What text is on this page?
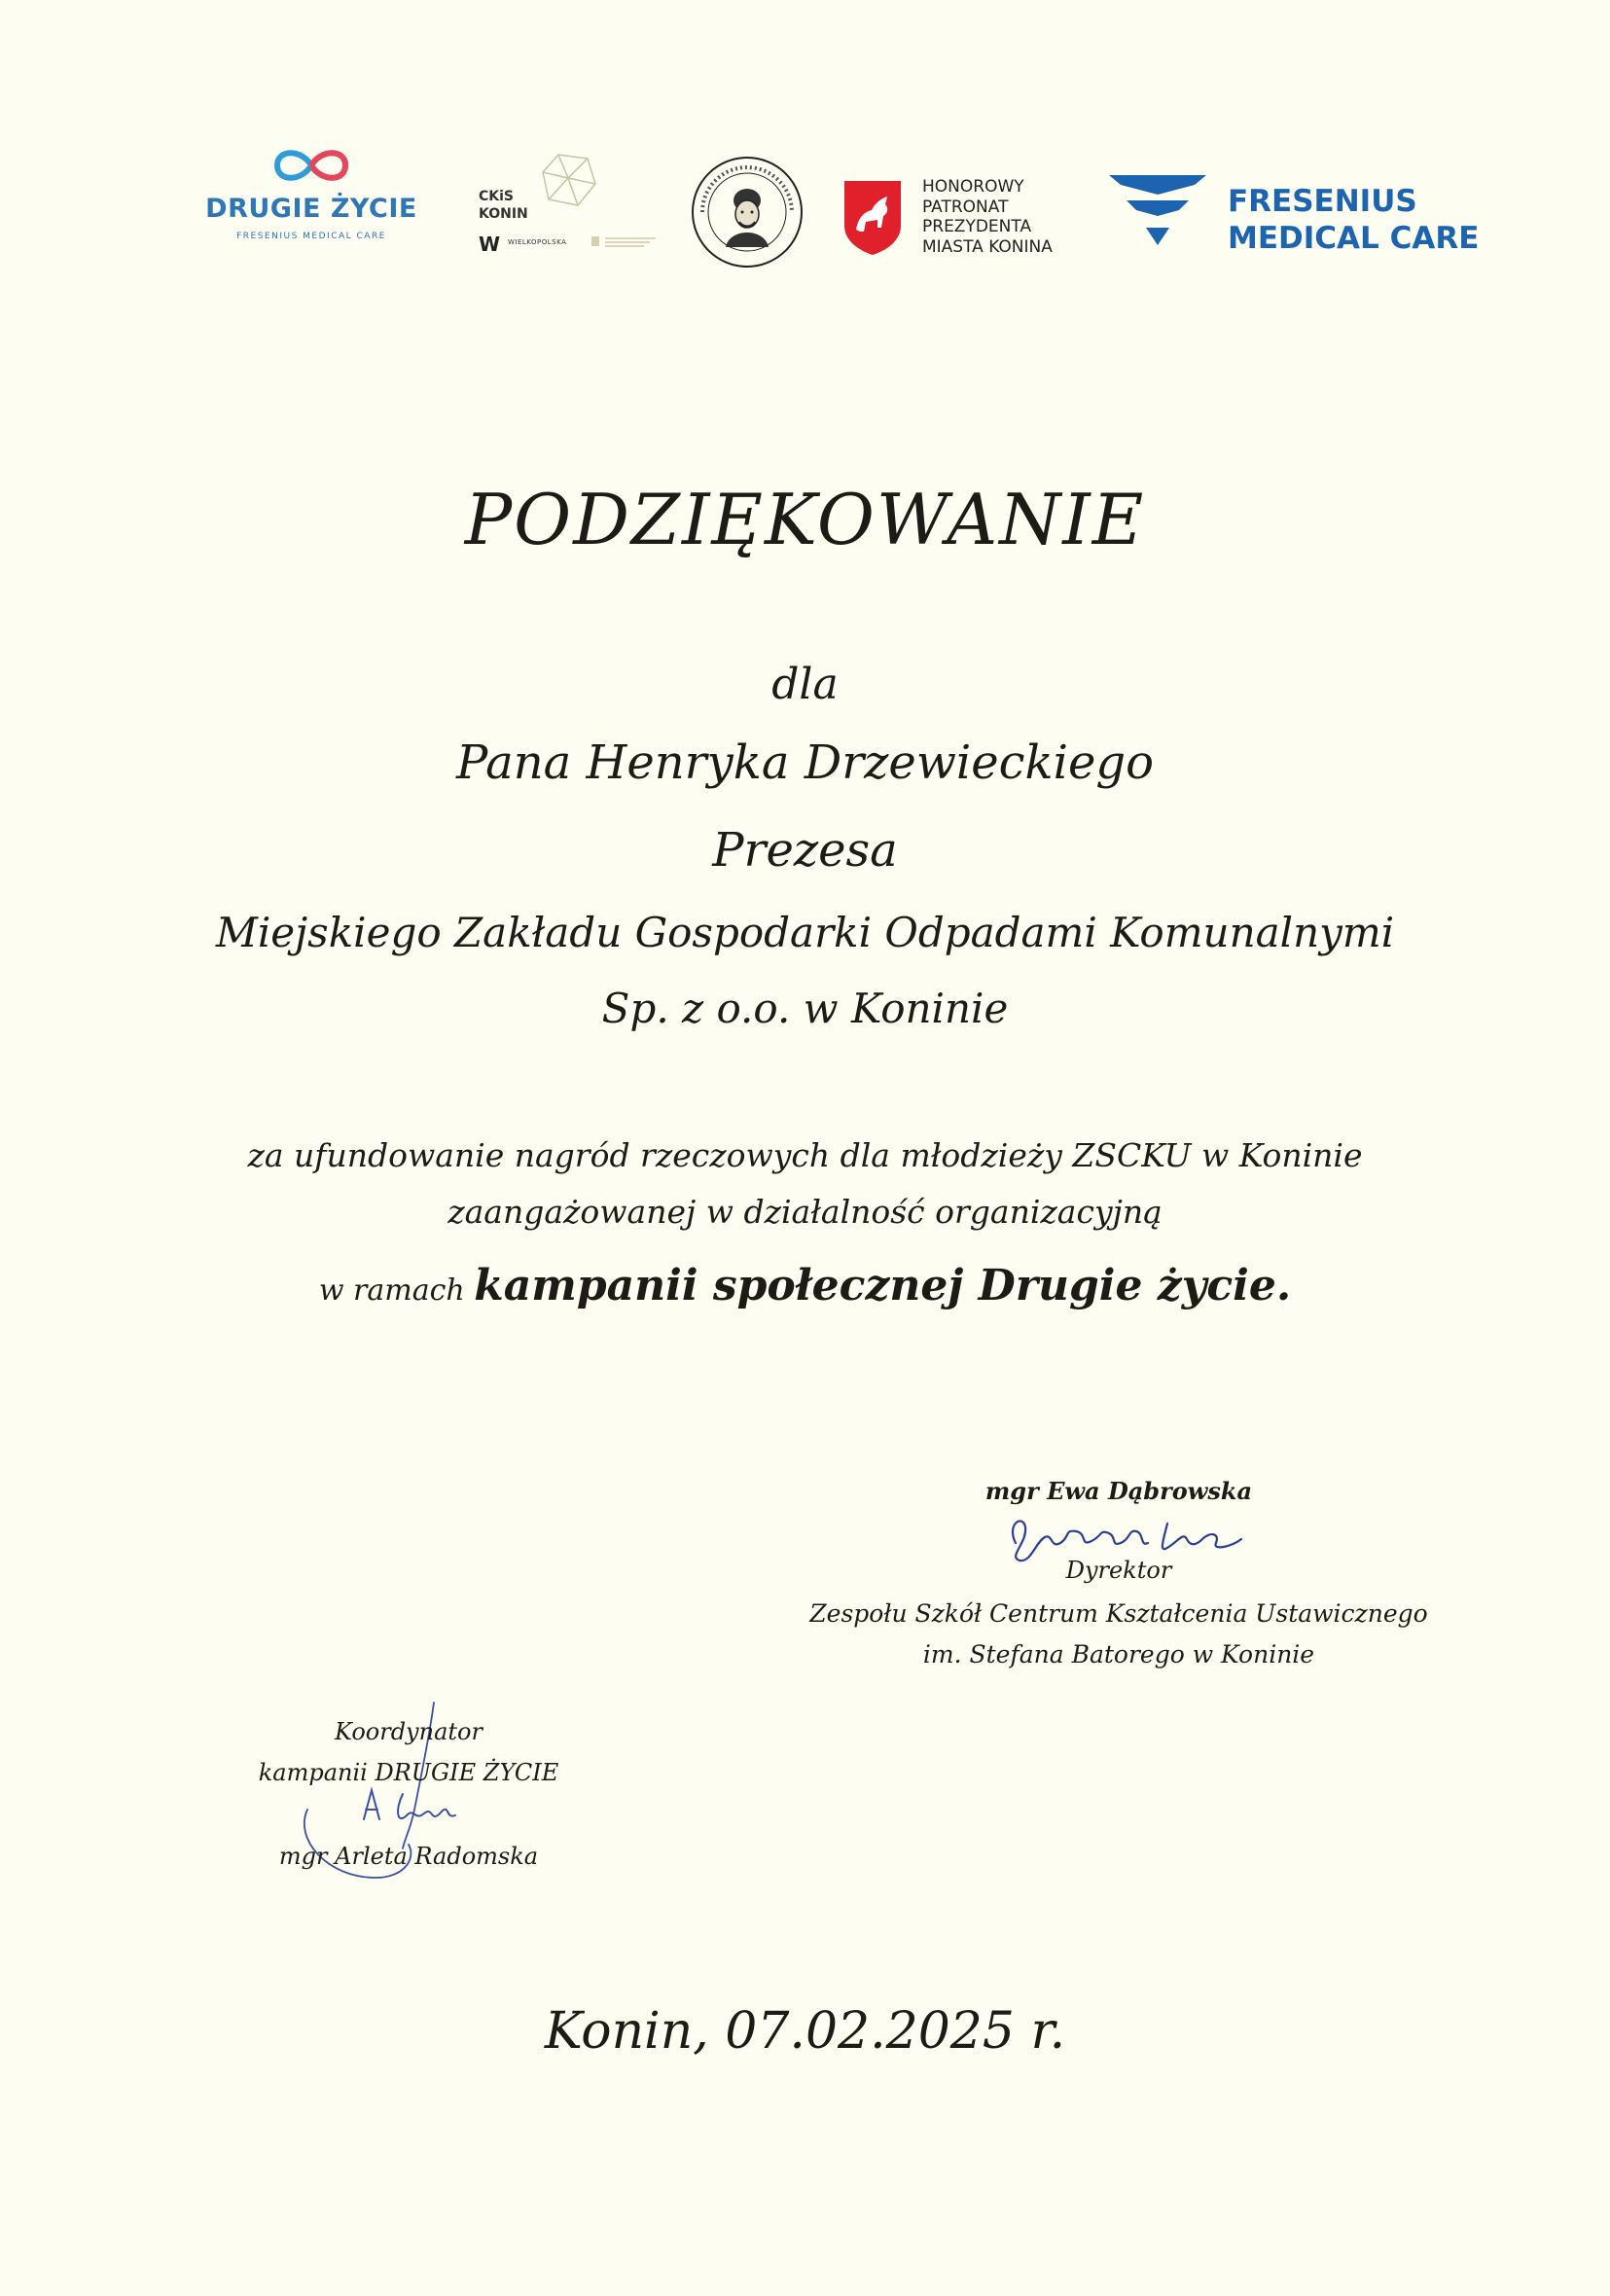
DRUGIE ŻYCIE
FRESENIUS MEDICAL CARE
CKiS
KONIN
W WIELKOPOLSKA
HONOROWY
PATRONAT
PREZYDENTA
MIASTA KONINA
FRESENIUS
MEDICAL CARE
PODZIĘKOWANIE
dla
Pana Henryka Drzewieckiego
Prezesa
Miejskiego Zakładu Gospodarki Odpadami Komunalnymi
Sp. z o.o. w Koninie
za ufundowanie nagród rzeczowych dla młodzieży ZSCKU w Koninie
zaangażowanej w działalność organizacyjną
w ramach kampanii społecznej Drugie życie.
mgr Ewa Dąbrowska
Dyrektor
Zespołu Szkół Centrum Kształcenia Ustawicznego
im. Stefana Batorego w Koninie
Koordynator
kampanii DRUGIE ŻYCIE
mgr Arleta Radomska
Konin, 07.02.2025 r.
